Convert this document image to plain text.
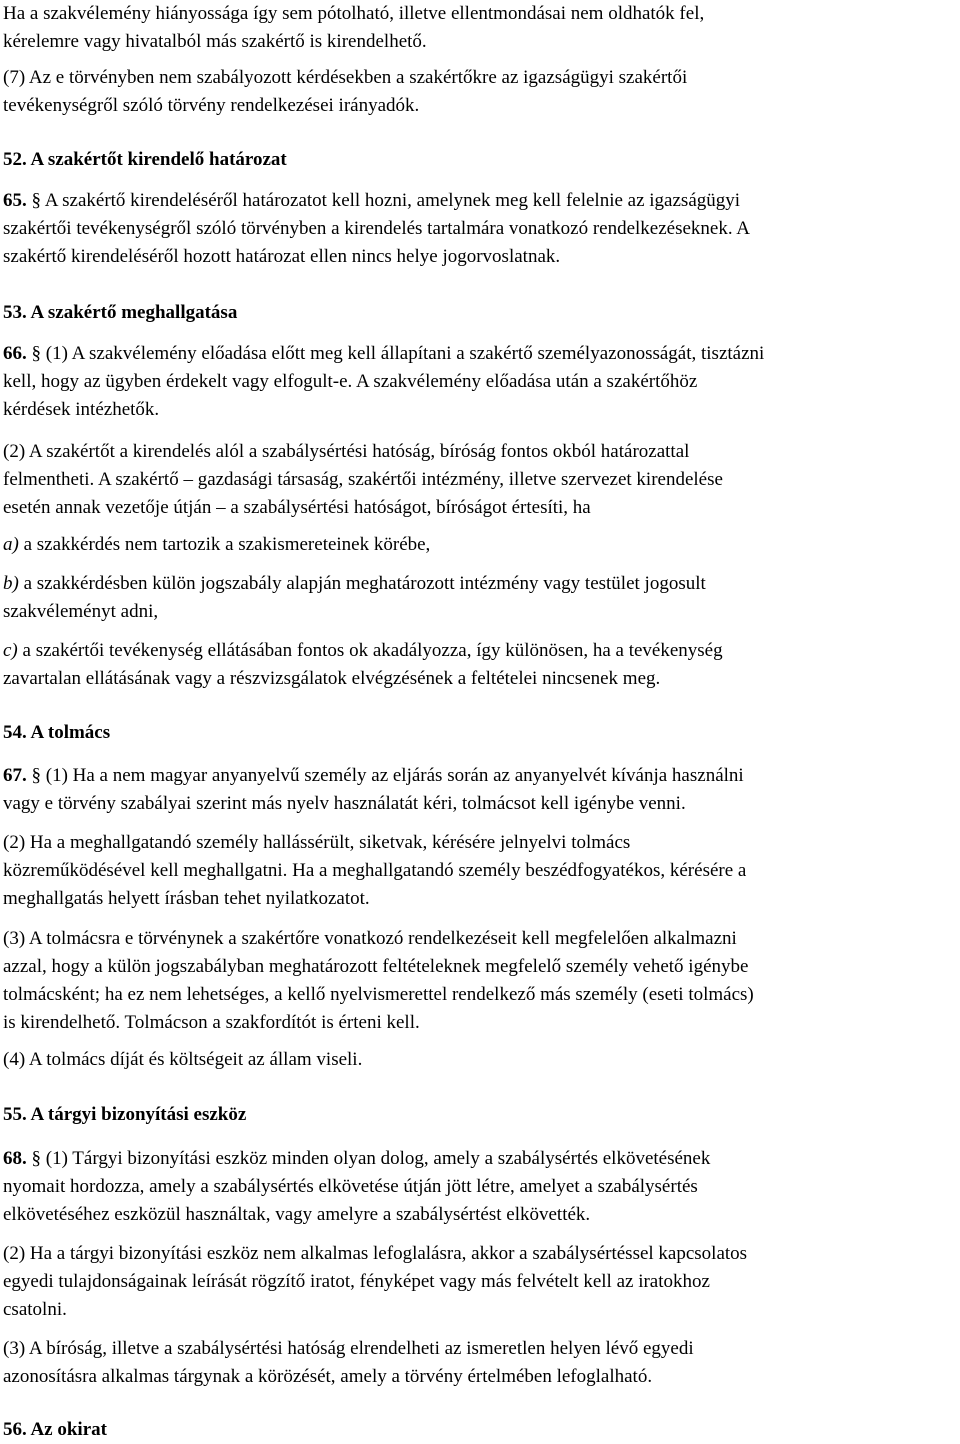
Ha a szakvélemény hiányossága így sem pótolható, illetve ellentmondásai nem oldhatók fel,
kérelemre vagy hivatalból más szakértő is kirendelhető.

(7) Az e törvényben nem szabályozott kérdésekben a szakértőkre az igazságügyi szakértői
tevékenységről szóló törvény rendelkezései irányadók.

52. A szakértőt kirendelő határozat

65. § A szakértő kirendeléséről határozatot kell hozni, amelynek meg kell felelnie az igazságügyi
szakértői tevékenységről szóló törvényben a kirendelés tartalmára vonatkozó rendelkezéseknek. A
szakértő kirendeléséről hozott határozat ellen nincs helye jogorvoslatnak.

53. A szakértő meghallgatása

66. § (1) A szakvélemény előadása előtt meg kell állapítani a szakértő személyazonosságát, tisztázni
kell, hogy az ügyben érdekelt vagy elfogult-e. A szakvélemény előadása után a szakértőhöz
kérdések intézhetők.

(2) A szakértőt a kirendelés alól a szabálysértési hatóság, bíróság fontos okból határozattal
felmentheti. A szakértő – gazdasági társaság, szakértői intézmény, illetve szervezet kirendelése
esetén annak vezetője útján – a szabálysértési hatóságot, bíróságot értesíti, ha

a) a szakkérdés nem tartozik a szakismereteinek körébe,

b) a szakkérdésben külön jogszabály alapján meghatározott intézmény vagy testület jogosult
szakvéleményt adni,

c) a szakértői tevékenység ellátásában fontos ok akadályozza, így különösen, ha a tevékenység
zavartalan ellátásának vagy a részvizsgálatok elvégzésének a feltételei nincsenek meg.

54. A tolmács

67. § (1) Ha a nem magyar anyanyelvű személy az eljárás során az anyanyelvét kívánja használni
vagy e törvény szabályai szerint más nyelv használatát kéri, tolmácsot kell igénybe venni.

(2) Ha a meghallgatandó személy hallássérült, siketvak, kérésére jelnyelvi tolmács
közreműködésével kell meghallgatni. Ha a meghallgatandó személy beszédfogyatékos, kérésére a
meghallgatás helyett írásban tehet nyilatkozatot.

(3) A tolmácsra e törvénynek a szakértőre vonatkozó rendelkezéseit kell megfelelően alkalmazni
azzal, hogy a külön jogszabályban meghatározott feltételeknek megfelelő személy vehető igénybe
tolmácsként; ha ez nem lehetséges, a kellő nyelvismerettel rendelkező más személy (eseti tolmács)
is kirendelhető. Tolmácson a szakfordítót is érteni kell.

(4) A tolmács díját és költségeit az állam viseli.

55. A tárgyi bizonyítási eszköz

68. § (1) Tárgyi bizonyítási eszköz minden olyan dolog, amely a szabálysértés elkövetésének
nyomait hordozza, amely a szabálysértés elkövetése útján jött létre, amelyet a szabálysértés
elkövetéséhez eszközül használtak, vagy amelyre a szabálysértést elkövették.

(2) Ha a tárgyi bizonyítási eszköz nem alkalmas lefoglalásra, akkor a szabálysértéssel kapcsolatos
egyedi tulajdonságainak leírását rögzítő iratot, fényképet vagy más felvételt kell az iratokhoz
csatolni.

(3) A bíróság, illetve a szabálysértési hatóság elrendelheti az ismeretlen helyen lévő egyedi
azonosításra alkalmas tárgynak a körözését, amely a törvény értelmében lefoglalható.

56. Az okirat
